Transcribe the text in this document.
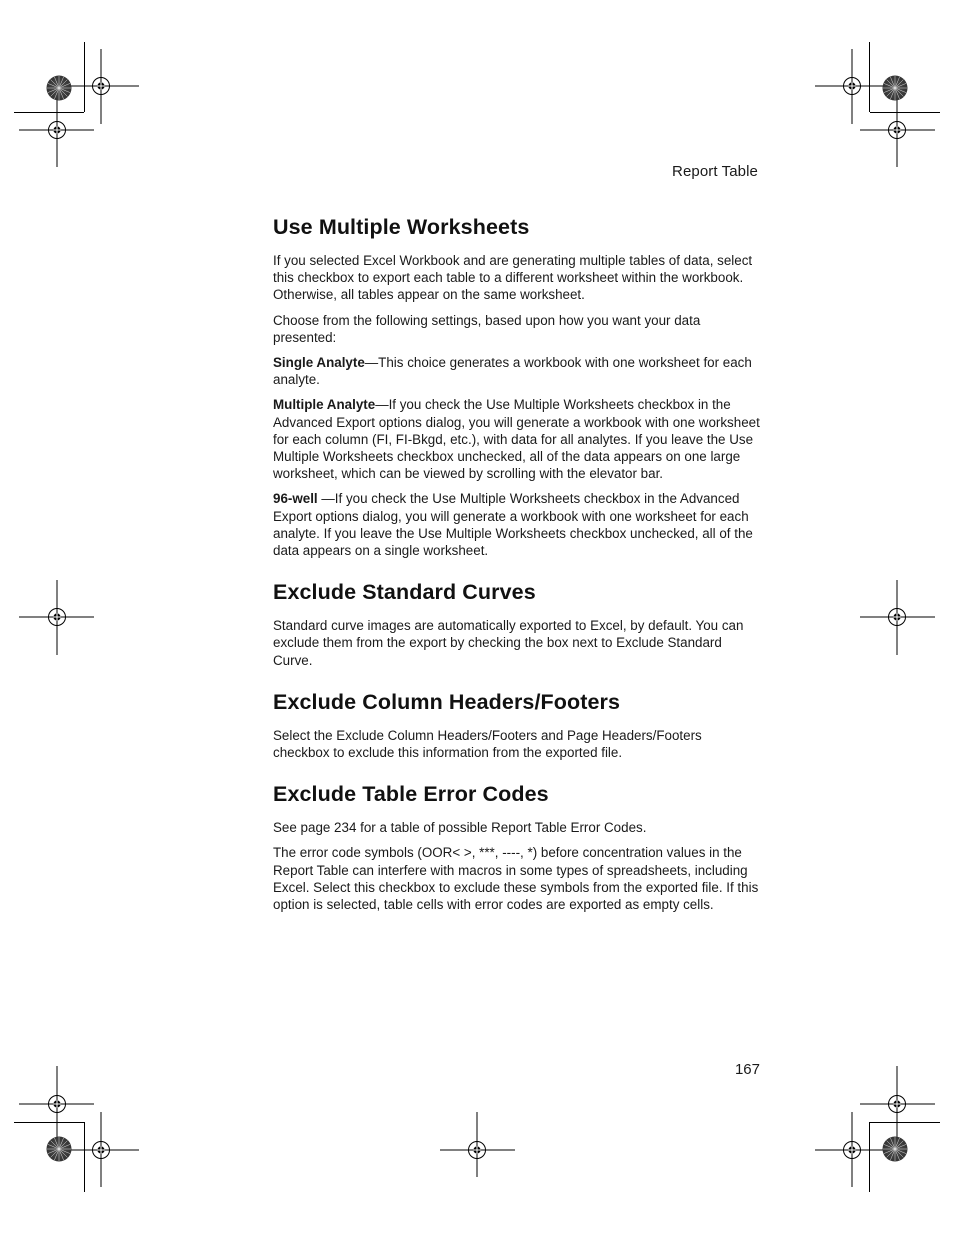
Report Table
Use Multiple Worksheets

If you selected Excel Workbook and are generating multiple tables of data, select this checkbox to export each table to a different worksheet within the workbook. Otherwise, all tables appear on the same worksheet.

Choose from the following settings, based upon how you want your data presented:

Single Analyte—This choice generates a workbook with one worksheet for each analyte.

Multiple Analyte—If you check the Use Multiple Worksheets checkbox in the Advanced Export options dialog, you will generate a workbook with one worksheet for each column (FI, FI-Bkgd, etc.), with data for all analytes. If you leave the Use Multiple Worksheets checkbox unchecked, all of the data appears on one large worksheet, which can be viewed by scrolling with the elevator bar.

96-well —If you check the Use Multiple Worksheets checkbox in the Advanced Export options dialog, you will generate a workbook with one worksheet for each analyte. If you leave the Use Multiple Worksheets checkbox unchecked, all of the data appears on a single worksheet.

Exclude Standard Curves

Standard curve images are automatically exported to Excel, by default. You can exclude them from the export by checking the box next to Exclude Standard Curve.

Exclude Column Headers/Footers

Select the Exclude Column Headers/Footers and Page Headers/Footers checkbox to exclude this information from the exported file.

Exclude Table Error Codes

See page 234 for a table of possible Report Table Error Codes.

The error code symbols (OOR< >, ***, ----, *) before concentration values in the Report Table can interfere with macros in some types of spreadsheets, including Excel. Select this checkbox to exclude these symbols from the exported file. If this option is selected, table cells with error codes are exported as empty cells.

167
